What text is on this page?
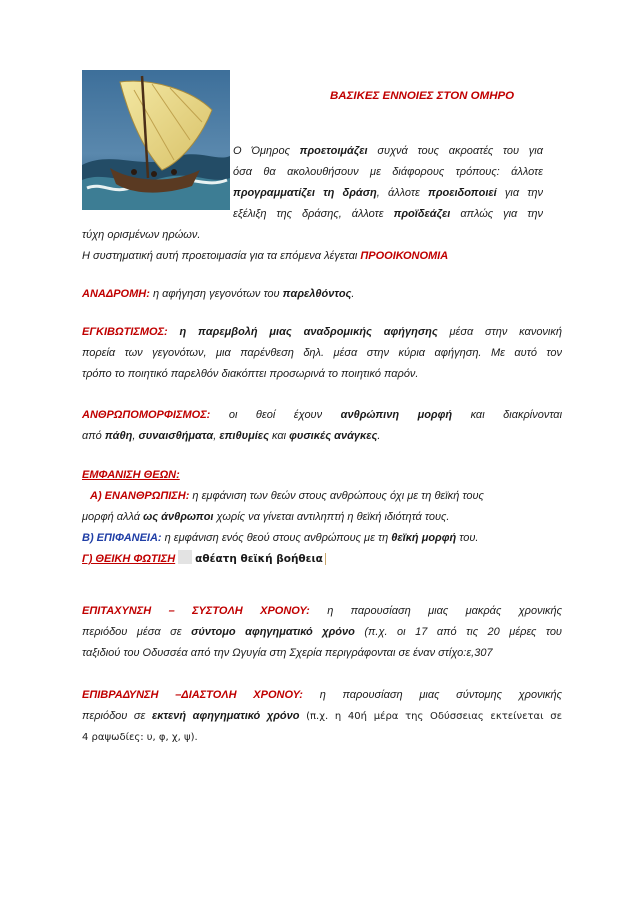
ΒΑΣΙΚΕΣ ΕΝΝΟΙΕΣ ΣΤΟΝ ΟΜΗΡΟ
Ο Όμηρος προετοιμάζει συχνά τους ακροατές του για
όσα θα ακολουθήσουν με διάφορους τρόπους: άλλοτε
προγραμματίζει τη δράση, άλλοτε προειδοποιεί για την
εξέλιξη της δράσης, άλλοτε προϊδεάζει απλώς για την
τύχη ορισμένων ηρώων.
Η συστηματική αυτή προετοιμασία για τα επόμενα λέγεται ΠΡΟΟΙΚΟΝΟΜΙΑ
ΑΝΑΔΡΟΜΗ: η αφήγηση γεγονότων του παρελθόντος.
ΕΓΚΙΒΩΤΙΣΜΟΣ: η παρεμβολή μιας αναδρομικής αφήγησης μέσα στην κανονική
πορεία των γεγονότων, μια παρένθεση δηλ. μέσα στην κύρια αφήγηση. Με αυτό τον
τρόπο το ποιητικό παρελθόν διακόπτει προσωρινά το ποιητικό παρόν.
ΑΝΘΡΩΠΟΜΟΡΦΙΣΜΟΣ: οι θεοί έχουν ανθρώπινη μορφή και διακρίνονται
από πάθη, συναισθήματα, επιθυμίες και φυσικές ανάγκες.
ΕΜΦΑΝΙΣΗ ΘΕΩΝ:
Α) ΕΝΑΝΘΡΩΠΙΣΗ: η εμφάνιση των θεών στους ανθρώπους όχι με τη θεϊκή τους
μορφή αλλά ως άνθρωποι χωρίς να γίνεται αντιληπτή η θεϊκή ιδιότητά τους.
Β) ΕΠΙΦΑΝΕΙΑ: η εμφάνιση ενός θεού στους ανθρώπους με τη θεϊκή μορφή του.
Γ) ΘΕΙΚΗ ΦΩΤΙΣΗ αθέατη θεϊκή βοήθεια
ΕΠΙΤΑΧΥΝΣΗ – ΣΥΣΤΟΛΗ ΧΡΟΝΟΥ: η παρουσίαση μιας μακράς χρονικής
περιόδου μέσα σε σύντομο αφηγηματικό χρόνο (π.χ. οι 17 από τις 20 μέρες του
ταξιδιού του Οδυσσέα από την Ωγυγία στη Σχερία περιγράφονται σε έναν στίχο:ε,307
ΕΠΙΒΡΑΔΥΝΣΗ –ΔΙΑΣΤΟΛΗ ΧΡΟΝΟΥ: η παρουσίαση μιας σύντομης χρονικής
περιόδου σε εκτενή αφηγηματικό χρόνο (π.χ. η 40ή μέρα της Οδύσσειας εκτείνεται σε
4 ραψωδίες: υ, φ, χ, ψ).
